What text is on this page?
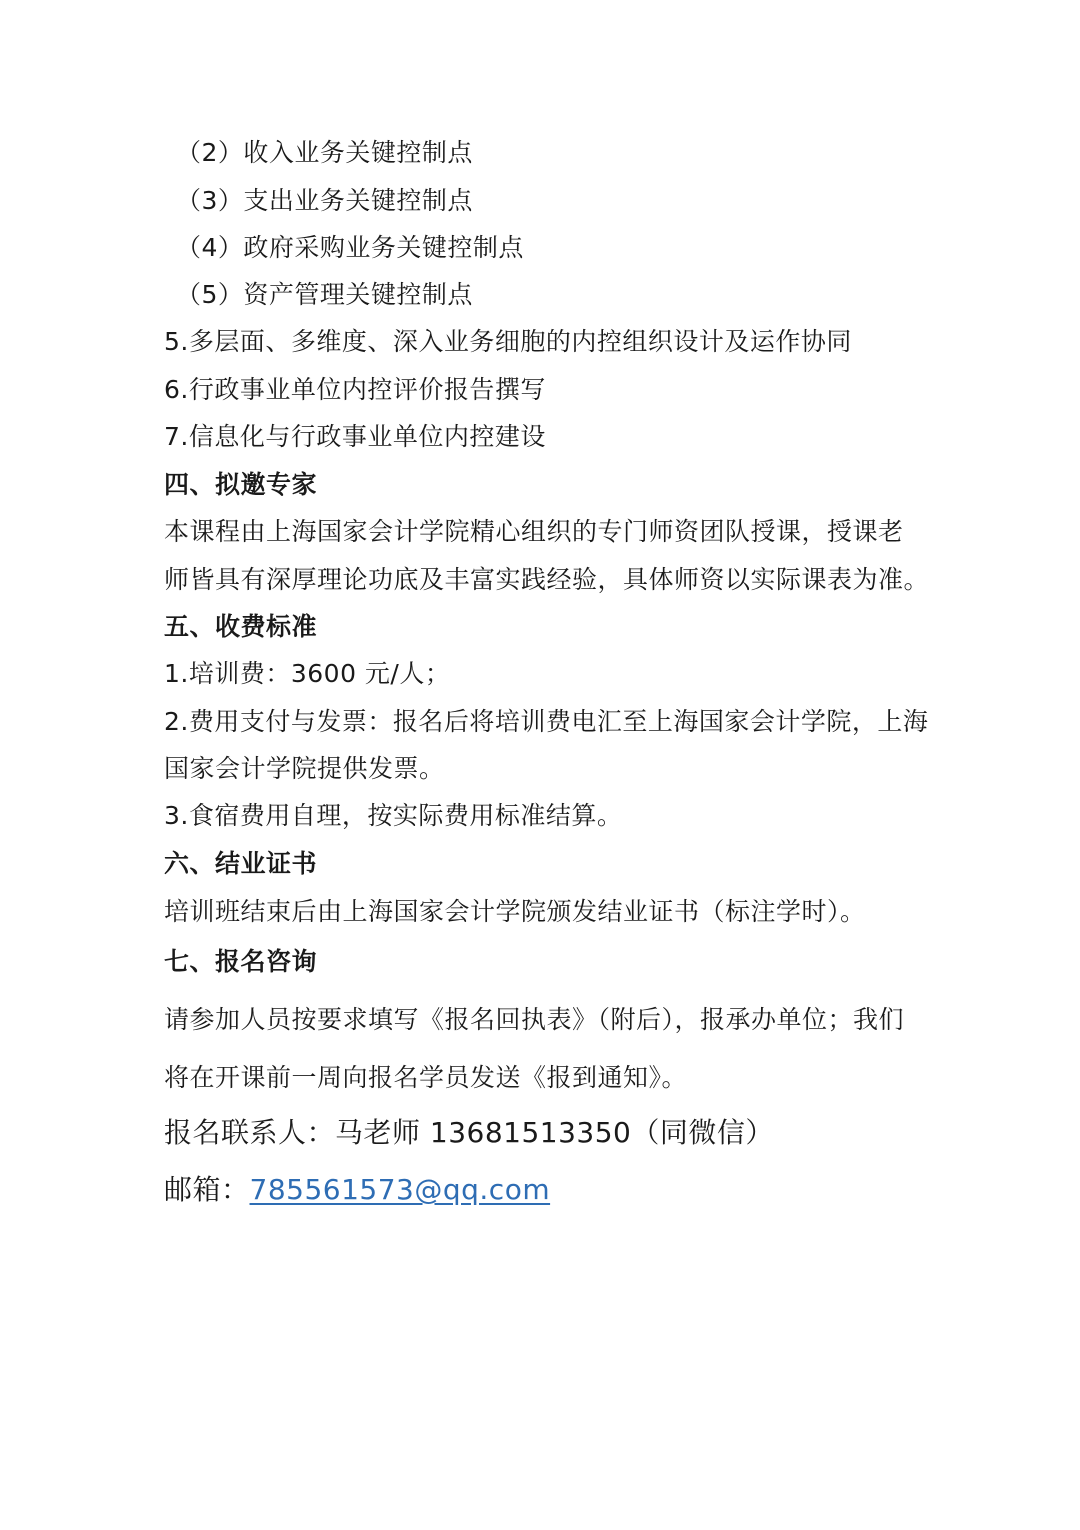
（2）收入业务关键控制点
（3）支出业务关键控制点
（4）政府采购业务关键控制点
（5）资产管理关键控制点
5.多层面、多维度、深入业务细胞的内控组织设计及运作协同
6.行政事业单位内控评价报告撰写
7.信息化与行政事业单位内控建设
四、拟邀专家
本课程由上海国家会计学院精心组织的专门师资团队授课，授课老
师皆具有深厚理论功底及丰富实践经验，具体师资以实际课表为准。
五、收费标准
1.培训费：3600 元/人；
2.费用支付与发票：报名后将培训费电汇至上海国家会计学院，上海
国家会计学院提供发票。
3.食宿费用自理，按实际费用标准结算。
六、结业证书
培训班结束后由上海国家会计学院颁发结业证书（标注学时）。
七、报名咨询
请参加人员按要求填写《报名回执表》（附后），报承办单位；我们
将在开课前一周向报名学员发送《报到通知》。
报名联系人：马老师 13681513350（同微信）
邮箱：785561573@qq.com
